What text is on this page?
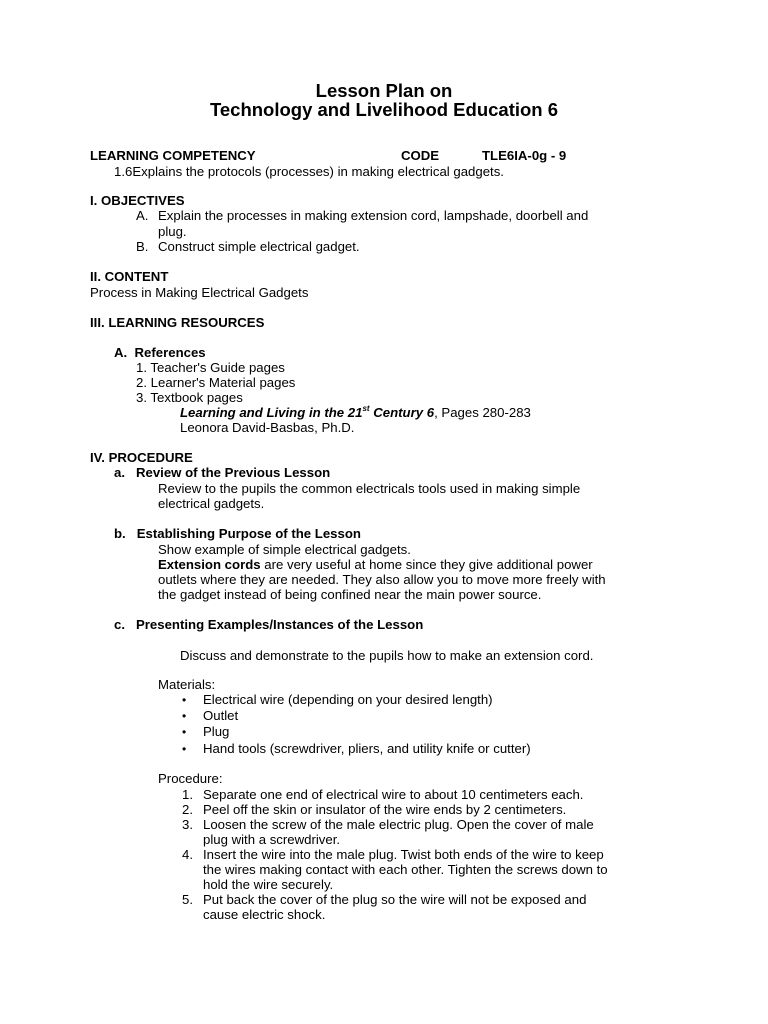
Lesson Plan on
Technology and Livelihood Education 6
LEARNING COMPETENCY	CODE	TLE6IA-0g - 9
1.6Explains the protocols (processes) in making electrical gadgets.
I. OBJECTIVES
A. Explain the processes in making extension cord, lampshade, doorbell and
plug.
B. Construct simple electrical gadget.
II. CONTENT
Process in Making Electrical Gadgets
III. LEARNING RESOURCES
A.  References
1. Teacher's Guide pages
2. Learner's Material pages
3. Textbook pages
Learning and Living in the 21st Century 6, Pages 280-283
Leonora David-Basbas, Ph.D.
IV. PROCEDURE
a.   Review of the Previous Lesson
Review to the pupils the common electricals tools used in making simple
electrical gadgets.
b.   Establishing Purpose of the Lesson
Show example of simple electrical gadgets.
Extension cords are very useful at home since they give additional power
outlets where they are needed. They also allow you to move more freely with
the gadget instead of being confined near the main power source.
c.   Presenting Examples/Instances of the Lesson
Discuss and demonstrate to the pupils how to make an extension cord.
Materials:
• Electrical wire (depending on your desired length)
• Outlet
• Plug
• Hand tools (screwdriver, pliers, and utility knife or cutter)
Procedure:
1. Separate one end of electrical wire to about 10 centimeters each.
2. Peel off the skin or insulator of the wire ends by 2 centimeters.
3. Loosen the screw of the male electric plug. Open the cover of male
plug with a screwdriver.
4. Insert the wire into the male plug. Twist both ends of the wire to keep
the wires making contact with each other. Tighten the screws down to
hold the wire securely.
5. Put back the cover of the plug so the wire will not be exposed and
cause electric shock.
